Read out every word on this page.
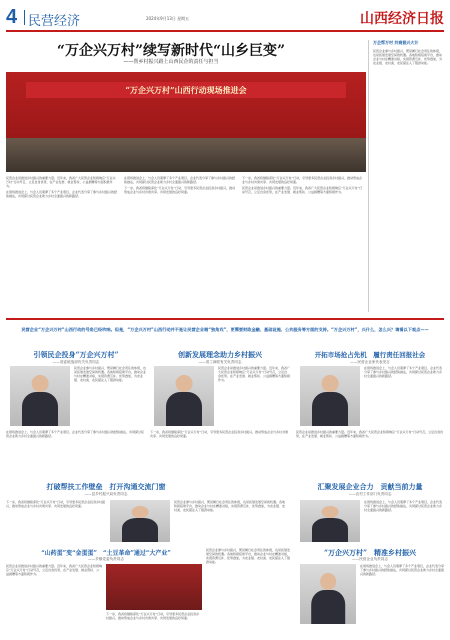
4 民营经济	2024年9月13日 星期五	山西经济日报
“万企兴万村”续写新时代“山乡巨变”
——帮乡村振兴路上山西民企的责任与担当
“万企兴万村”山西行动现场推进会

民营企业是推进乡村振兴的重要力量。近年来，我省广大民营企业积极响应“万企兴万村”行动号召，立足自身优势，在产业发展、就业帮扶、公益捐赠等方面积极作为。

在现场推进会上，与会人员观摩了多个产业项目，企业代表分享了参与乡村振兴的经验做法，共同探讨民营企业助力乡村全面振兴的新路径。

在现场推进会上，与会人员观摩了多个产业项目，企业代表分享了参与乡村振兴的经验做法，共同探讨民营企业助力乡村全面振兴的新路径。

下一步，我省将继续深化“万企兴万村”行动，引导更多民营企业投身乡村振兴，推动形成企业与乡村共建共享、共同发展的良好局面。

下一步，我省将继续深化“万企兴万村”行动，引导更多民营企业投身乡村振兴，推动形成企业与乡村共建共享、共同发展的良好局面。

民营企业是推进乡村振兴的重要力量。近年来，我省广大民营企业积极响应“万企兴万村”行动号召，立足自身优势，在产业发展、就业帮扶、公益捐赠等方面积极作为。

万企帮万村 共商振兴大计
民营企业参与乡村振兴，既是履行社会责任的体现，也是拓展发展空间的机遇。各地积极搭建平台，推动企业与村庄精准对接，实现资源互补、优势叠加，为农业强、农村美、农民富注入了强劲动能。
民营企业“万企兴万村”山西行动的号角已经吹响。但是，“万企兴万村”山西行动并不是让民营企业唱“独角戏”，更需要财政金融、基础设施、公共服务等方面的支持。“万企兴万村”，兴什么，怎么兴？请看以下观点——
引领民企投身“万企兴万村”
——省委统战部有关负责同志
民营企业参与乡村振兴，既是履行社会责任的体现，也是拓展发展空间的机遇。各地积极搭建平台，推动企业与村庄精准对接，实现资源互补、优势叠加，为农业强、农村美、农民富注入了强劲动能。
创新发展理念助力乡村振兴
——省工商联有关负责同志
民营企业是推进乡村振兴的重要力量。近年来，我省广大民营企业积极响应“万企兴万村”行动号召，立足自身优势，在产业发展、就业帮扶、公益捐赠等方面积极作为。
开拓市场抢占先机　履行责任回报社会
——民营企业家代表发言
在现场推进会上，与会人员观摩了多个产业项目，企业代表分享了参与乡村振兴的经验做法，共同探讨民营企业助力乡村全面振兴的新路径。
在现场推进会上，与会人员观摩了多个产业项目，企业代表分享了参与乡村振兴的经验做法，共同探讨民营企业助力乡村全面振兴的新路径。
下一步，我省将继续深化“万企兴万村”行动，引导更多民营企业投身乡村振兴，推动形成企业与乡村共建共享、共同发展的良好局面。
民营企业是推进乡村振兴的重要力量。近年来，我省广大民营企业积极响应“万企兴万村”行动号召，立足自身优势，在产业发展、就业帮扶、公益捐赠等方面积极作为。
打破帮扶工作壁垒　打开沟通交流门窗
——县乡村振兴局负责同志
下一步，我省将继续深化“万企兴万村”行动，引导更多民营企业投身乡村振兴，推动形成企业与乡村共建共享、共同发展的良好局面。
民营企业参与乡村振兴，既是履行社会责任的体现，也是拓展发展空间的机遇。各地积极搭建平台，推动企业与村庄精准对接，实现资源互补、优势叠加，为农业强、农村美、农民富注入了强劲动能。
汇聚发展企业合力　贡献当前力量
——农村工作部门负责同志
在现场推进会上，与会人员观摩了多个产业项目，企业代表分享了参与乡村振兴的经验做法，共同探讨民营企业助力乡村全面振兴的新路径。
“山药蛋”变“金蛋蛋”　“土豆革命”通过“大产业”
——乡镇党委负责同志
民营企业是推进乡村振兴的重要力量。近年来，我省广大民营企业积极响应“万企兴万村”行动号召，立足自身优势，在产业发展、就业帮扶、公益捐赠等方面积极作为。
下一步，我省将继续深化“万企兴万村”行动，引导更多民营企业投身乡村振兴，推动形成企业与乡村共建共享、共同发展的良好局面。
民营企业参与乡村振兴，既是履行社会责任的体现，也是拓展发展空间的机遇。各地积极搭建平台，推动企业与村庄精准对接，实现资源互补、优势叠加，为农业强、农村美、农民富注入了强劲动能。
“万企兴万村”　精准乡村振兴
——民营企业负责同志
在现场推进会上，与会人员观摩了多个产业项目，企业代表分享了参与乡村振兴的经验做法，共同探讨民营企业助力乡村全面振兴的新路径。
